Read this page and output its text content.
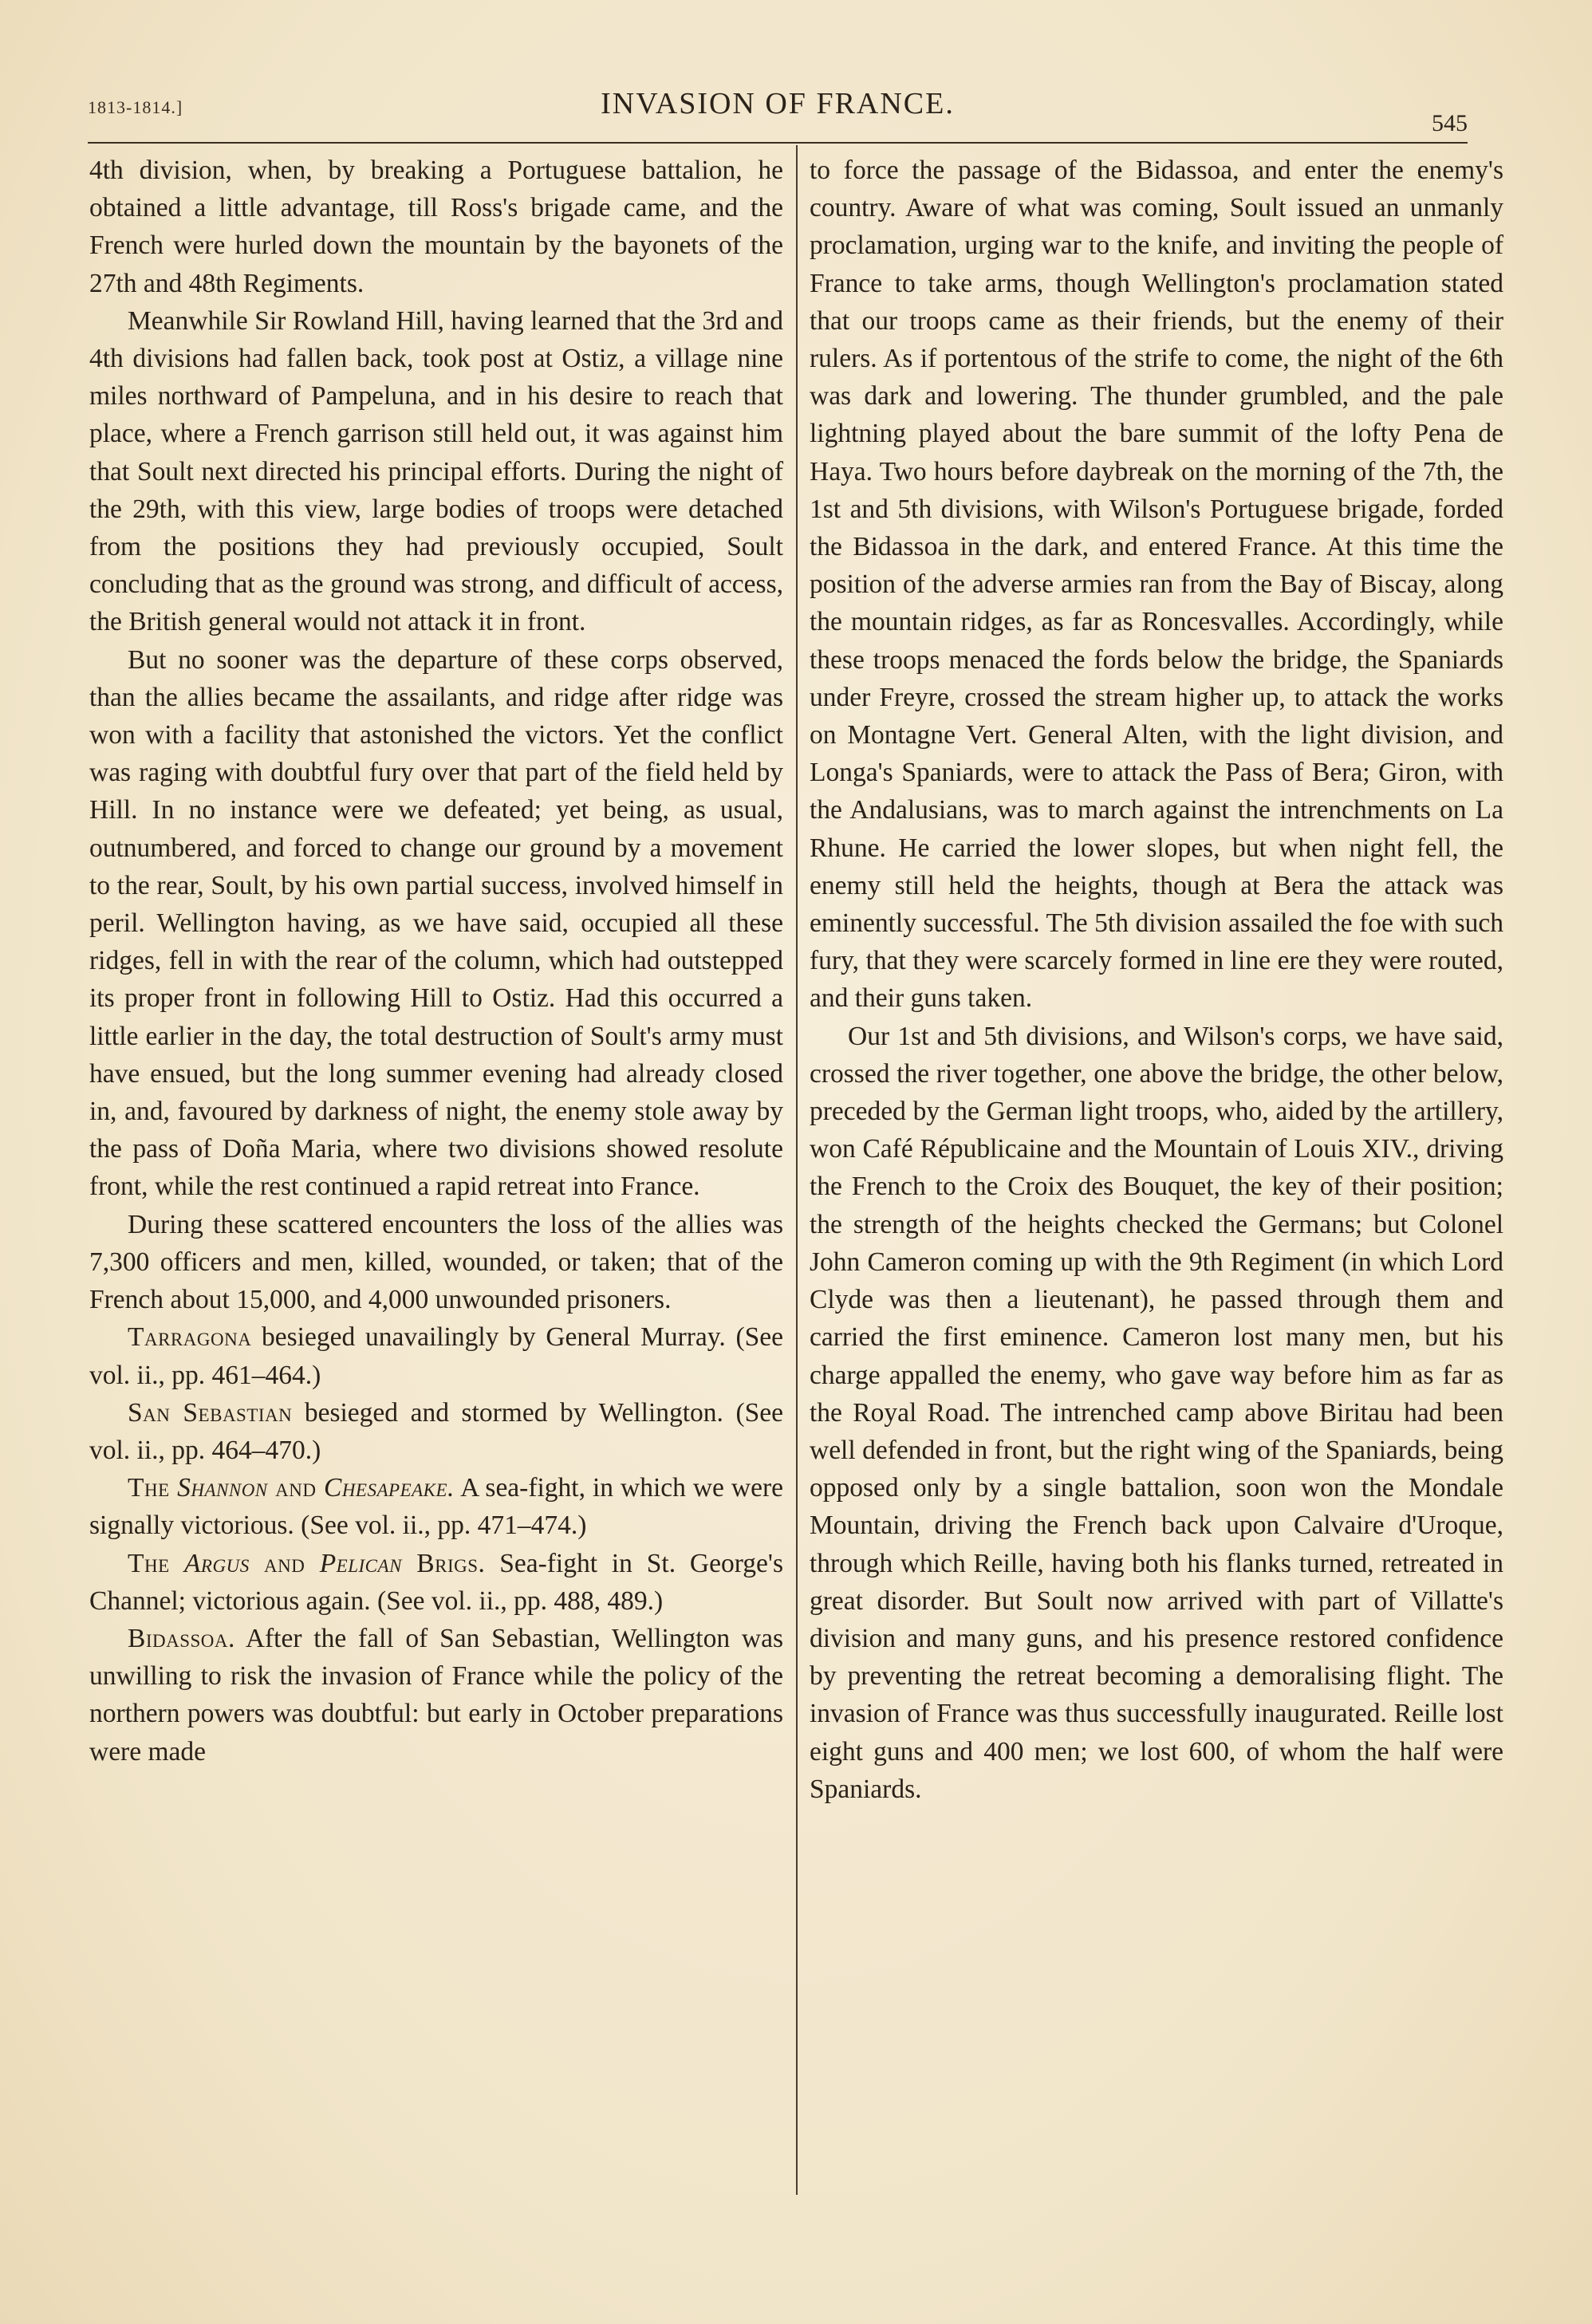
1813-1814.]	INVASION OF FRANCE.
545

4th division, when, by breaking a Portuguese battalion, he obtained a little advantage, till Ross's brigade came, and the French were hurled down the mountain by the bayonets of the 27th and 48th Regiments.

Meanwhile Sir Rowland Hill, having learned that the 3rd and 4th divisions had fallen back, took post at Ostiz, a village nine miles northward of Pampeluna, and in his desire to reach that place, where a French garrison still held out, it was against him that Soult next directed his principal efforts. During the night of the 29th, with this view, large bodies of troops were detached from the positions they had previously occupied, Soult concluding that as the ground was strong, and difficult of access, the British general would not attack it in front.

But no sooner was the departure of these corps observed, than the allies became the assailants, and ridge after ridge was won with a facility that astonished the victors. Yet the conflict was raging with doubtful fury over that part of the field held by Hill. In no instance were we defeated; yet being, as usual, outnumbered, and forced to change our ground by a movement to the rear, Soult, by his own partial success, involved himself in peril. Wellington having, as we have said, occupied all these ridges, fell in with the rear of the column, which had outstepped its proper front in following Hill to Ostiz. Had this occurred a little earlier in the day, the total destruction of Soult's army must have ensued, but the long summer evening had already closed in, and, favoured by darkness of night, the enemy stole away by the pass of Doña Maria, where two divisions showed resolute front, while the rest continued a rapid retreat into France.

During these scattered encounters the loss of the allies was 7,300 officers and men, killed, wounded, or taken; that of the French about 15,000, and 4,000 unwounded prisoners.

Tarragona besieged unavailingly by General Murray. (See vol. ii., pp. 461–464.)

San Sebastian besieged and stormed by Wellington. (See vol. ii., pp. 464–470.)

The Shannon and Chesapeake. A sea-fight, in which we were signally victorious. (See vol. ii., pp. 471–474.)

The Argus and Pelican Brigs. Sea-fight in St. George's Channel; victorious again. (See vol. ii., pp. 488, 489.)

Bidassoa. After the fall of San Sebastian, Wellington was unwilling to risk the invasion of France while the policy of the northern powers was doubtful: but early in October preparations were made

to force the passage of the Bidassoa, and enter the enemy's country. Aware of what was coming, Soult issued an unmanly proclamation, urging war to the knife, and inviting the people of France to take arms, though Wellington's proclamation stated that our troops came as their friends, but the enemy of their rulers. As if portentous of the strife to come, the night of the 6th was dark and lowering. The thunder grumbled, and the pale lightning played about the bare summit of the lofty Pena de Haya. Two hours before daybreak on the morning of the 7th, the 1st and 5th divisions, with Wilson's Portuguese brigade, forded the Bidassoa in the dark, and entered France. At this time the position of the adverse armies ran from the Bay of Biscay, along the mountain ridges, as far as Roncesvalles. Accordingly, while these troops menaced the fords below the bridge, the Spaniards under Freyre, crossed the stream higher up, to attack the works on Montagne Vert. General Alten, with the light division, and Longa's Spaniards, were to attack the Pass of Bera; Giron, with the Andalusians, was to march against the intrenchments on La Rhune. He carried the lower slopes, but when night fell, the enemy still held the heights, though at Bera the attack was eminently successful. The 5th division assailed the foe with such fury, that they were scarcely formed in line ere they were routed, and their guns taken.

Our 1st and 5th divisions, and Wilson's corps, we have said, crossed the river together, one above the bridge, the other below, preceded by the German light troops, who, aided by the artillery, won Café Républicaine and the Mountain of Louis XIV., driving the French to the Croix des Bouquet, the key of their position; the strength of the heights checked the Germans; but Colonel John Cameron coming up with the 9th Regiment (in which Lord Clyde was then a lieutenant), he passed through them and carried the first eminence. Cameron lost many men, but his charge appalled the enemy, who gave way before him as far as the Royal Road. The intrenched camp above Biritau had been well defended in front, but the right wing of the Spaniards, being opposed only by a single battalion, soon won the Mondale Mountain, driving the French back upon Calvaire d'Uroque, through which Reille, having both his flanks turned, retreated in great disorder. But Soult now arrived with part of Villatte's division and many guns, and his presence restored confidence by preventing the retreat becoming a demoralising flight. The invasion of France was thus successfully inaugurated. Reille lost eight guns and 400 men; we lost 600, of whom the half were Spaniards.
